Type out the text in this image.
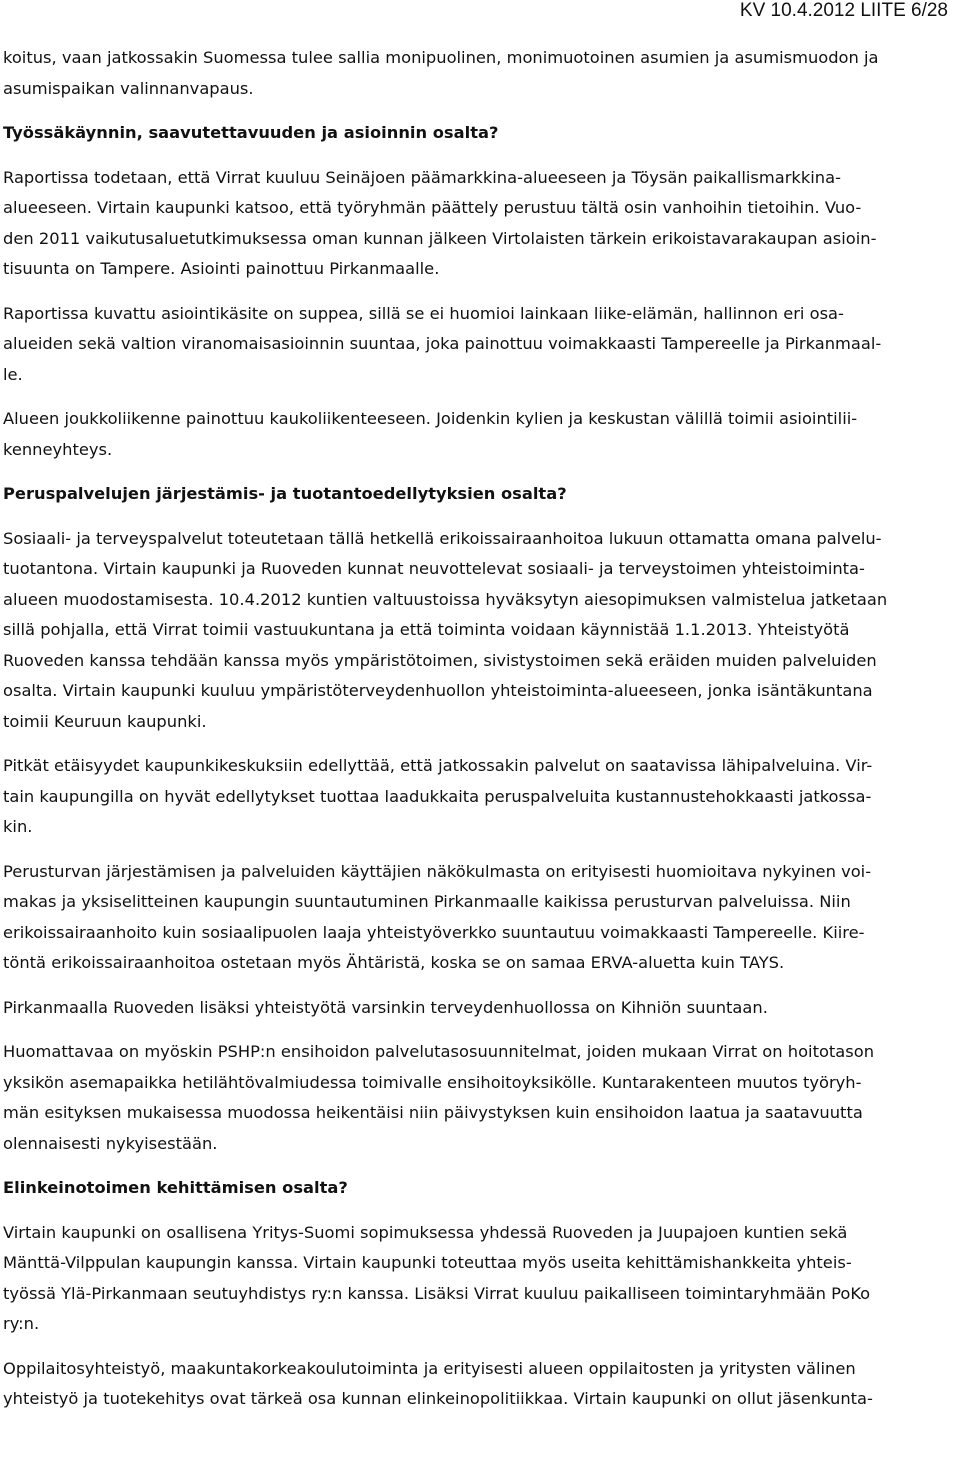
KV 10.4.2012 LIITE 6/28

koitus, vaan jatkossakin Suomessa tulee sallia monipuolinen, monimuotoinen asumien ja asumismuodon ja
asumispaikan valinnanvapaus.

Työssäkäynnin, saavutettavuuden ja asioinnin osalta?

Raportissa todetaan, että Virrat kuuluu Seinäjoen päämarkkina-alueeseen ja Töysän paikallismarkkina-
alueeseen. Virtain kaupunki katsoo, että työryhmän päättely perustuu tältä osin vanhoihin tietoihin. Vuo-
den 2011 vaikutusaluetutkimuksessa oman kunnan jälkeen Virtolaisten tärkein erikoistavarakaupan asioin-
tisuunta on Tampere. Asiointi painottuu Pirkanmaalle.

Raportissa kuvattu asiointikäsite on suppea, sillä se ei huomioi lainkaan liike-elämän, hallinnon eri osa-
alueiden sekä valtion viranomaisasioinnin suuntaa, joka painottuu voimakkaasti Tampereelle ja Pirkanmaal-
le.

Alueen joukkoliikenne painottuu kaukoliikenteeseen. Joidenkin kylien ja keskustan välillä toimii asiointilii-
kenneyhteys.

Peruspalvelujen järjestämis- ja tuotantoedellytyksien osalta?

Sosiaali- ja terveyspalvelut toteutetaan tällä hetkellä erikoissairaanhoitoa lukuun ottamatta omana palvelu-
tuotantona. Virtain kaupunki ja Ruoveden kunnat neuvottelevat sosiaali- ja terveystoimen yhteistoiminta-
alueen muodostamisesta. 10.4.2012 kuntien valtuustoissa hyväksytyn aiesopimuksen valmistelua jatketaan
sillä pohjalla, että Virrat toimii vastuukuntana ja että toiminta voidaan käynnistää 1.1.2013. Yhteistyötä
Ruoveden kanssa tehdään kanssa myös ympäristötoimen, sivistystoimen sekä eräiden muiden palveluiden
osalta. Virtain kaupunki kuuluu ympäristöterveydenhuollon yhteistoiminta-alueeseen, jonka isäntäkuntana
toimii Keuruun kaupunki.

Pitkät etäisyydet kaupunkikeskuksiin edellyttää, että jatkossakin palvelut on saatavissa lähipalveluina. Vir-
tain kaupungilla on hyvät edellytykset tuottaa laadukkaita peruspalveluita kustannustehokkaasti jatkossa-
kin.

Perusturvan järjestämisen ja palveluiden käyttäjien näkökulmasta on erityisesti huomioitava nykyinen voi-
makas ja yksiselitteinen kaupungin suuntautuminen Pirkanmaalle kaikissa perusturvan palveluissa. Niin
erikoissairaanhoito kuin sosiaalipuolen laaja yhteistyöverkko suuntautuu voimakkaasti Tampereelle. Kiire-
töntä erikoissairaanhoitoa ostetaan myös Ähtäristä, koska se on samaa ERVA-aluetta kuin TAYS.

Pirkanmaalla Ruoveden lisäksi yhteistyötä varsinkin terveydenhuollossa on Kihniön suuntaan.

Huomattavaa on myöskin PSHP:n ensihoidon palvelutasosuunnitelmat, joiden mukaan Virrat on hoitotason
yksikön asemapaikka hetilähtövalmiudessa toimivalle ensihoitoyksikölle. Kuntarakenteen muutos työryh-
män esityksen mukaisessa muodossa heikentäisi niin päivystyksen kuin ensihoidon laatua ja saatavuutta
olennaisesti nykyisestään.

Elinkeinotoimen kehittämisen osalta?

Virtain kaupunki on osallisena Yritys-Suomi sopimuksessa yhdessä Ruoveden ja Juupajoen kuntien sekä
Mänttä-Vilppulan kaupungin kanssa. Virtain kaupunki toteuttaa myös useita kehittämishankkeita yhteis-
työssä Ylä-Pirkanmaan seutuyhdistys ry:n kanssa. Lisäksi Virrat kuuluu paikalliseen toimintaryhmään PoKo
ry:n.

Oppilaitosyhteistyö, maakuntakorkeakoulutoiminta ja erityisesti alueen oppilaitosten ja yritysten välinen
yhteistyö ja tuotekehitys ovat tärkeä osa kunnan elinkeinopolitiikkaa. Virtain kaupunki on ollut jäsenkunta-
